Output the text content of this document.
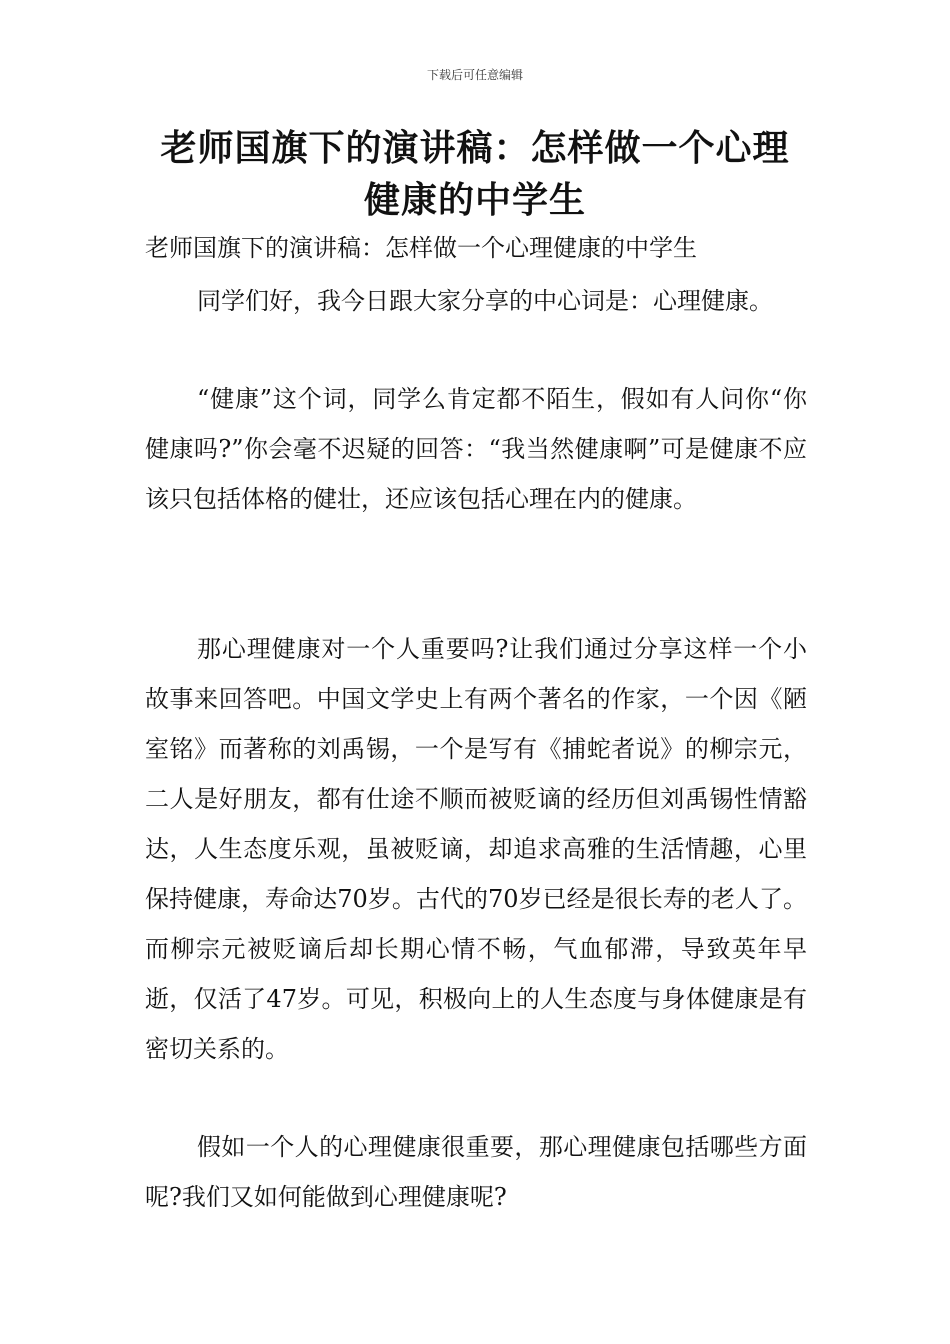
下载后可任意编辑
老师国旗下的演讲稿：怎样做一个心理健康的中学生

老师国旗下的演讲稿：怎样做一个心理健康的中学生

同学们好，我今日跟大家分享的中心词是：心理健康。

“健康”这个词，同学么肯定都不陌生，假如有人问你“你健康吗?”你会毫不迟疑的回答：“我当然健康啊”可是健康不应该只包括体格的健壮，还应该包括心理在内的健康。

那心理健康对一个人重要吗?让我们通过分享这样一个小故事来回答吧。中国文学史上有两个著名的作家，一个因《陋室铭》而著称的刘禹锡，一个是写有《捕蛇者说》的柳宗元，二人是好朋友，都有仕途不顺而被贬谪的经历但刘禹锡性情豁达，人生态度乐观，虽被贬谪，却追求高雅的生活情趣，心里保持健康，寿命达70岁。古代的70岁已经是很长寿的老人了。而柳宗元被贬谪后却长期心情不畅，气血郁滞，导致英年早逝，仅活了47岁。可见，积极向上的人生态度与身体健康是有密切关系的。

假如一个人的心理健康很重要，那心理健康包括哪些方面呢?我们又如何能做到心理健康呢?
